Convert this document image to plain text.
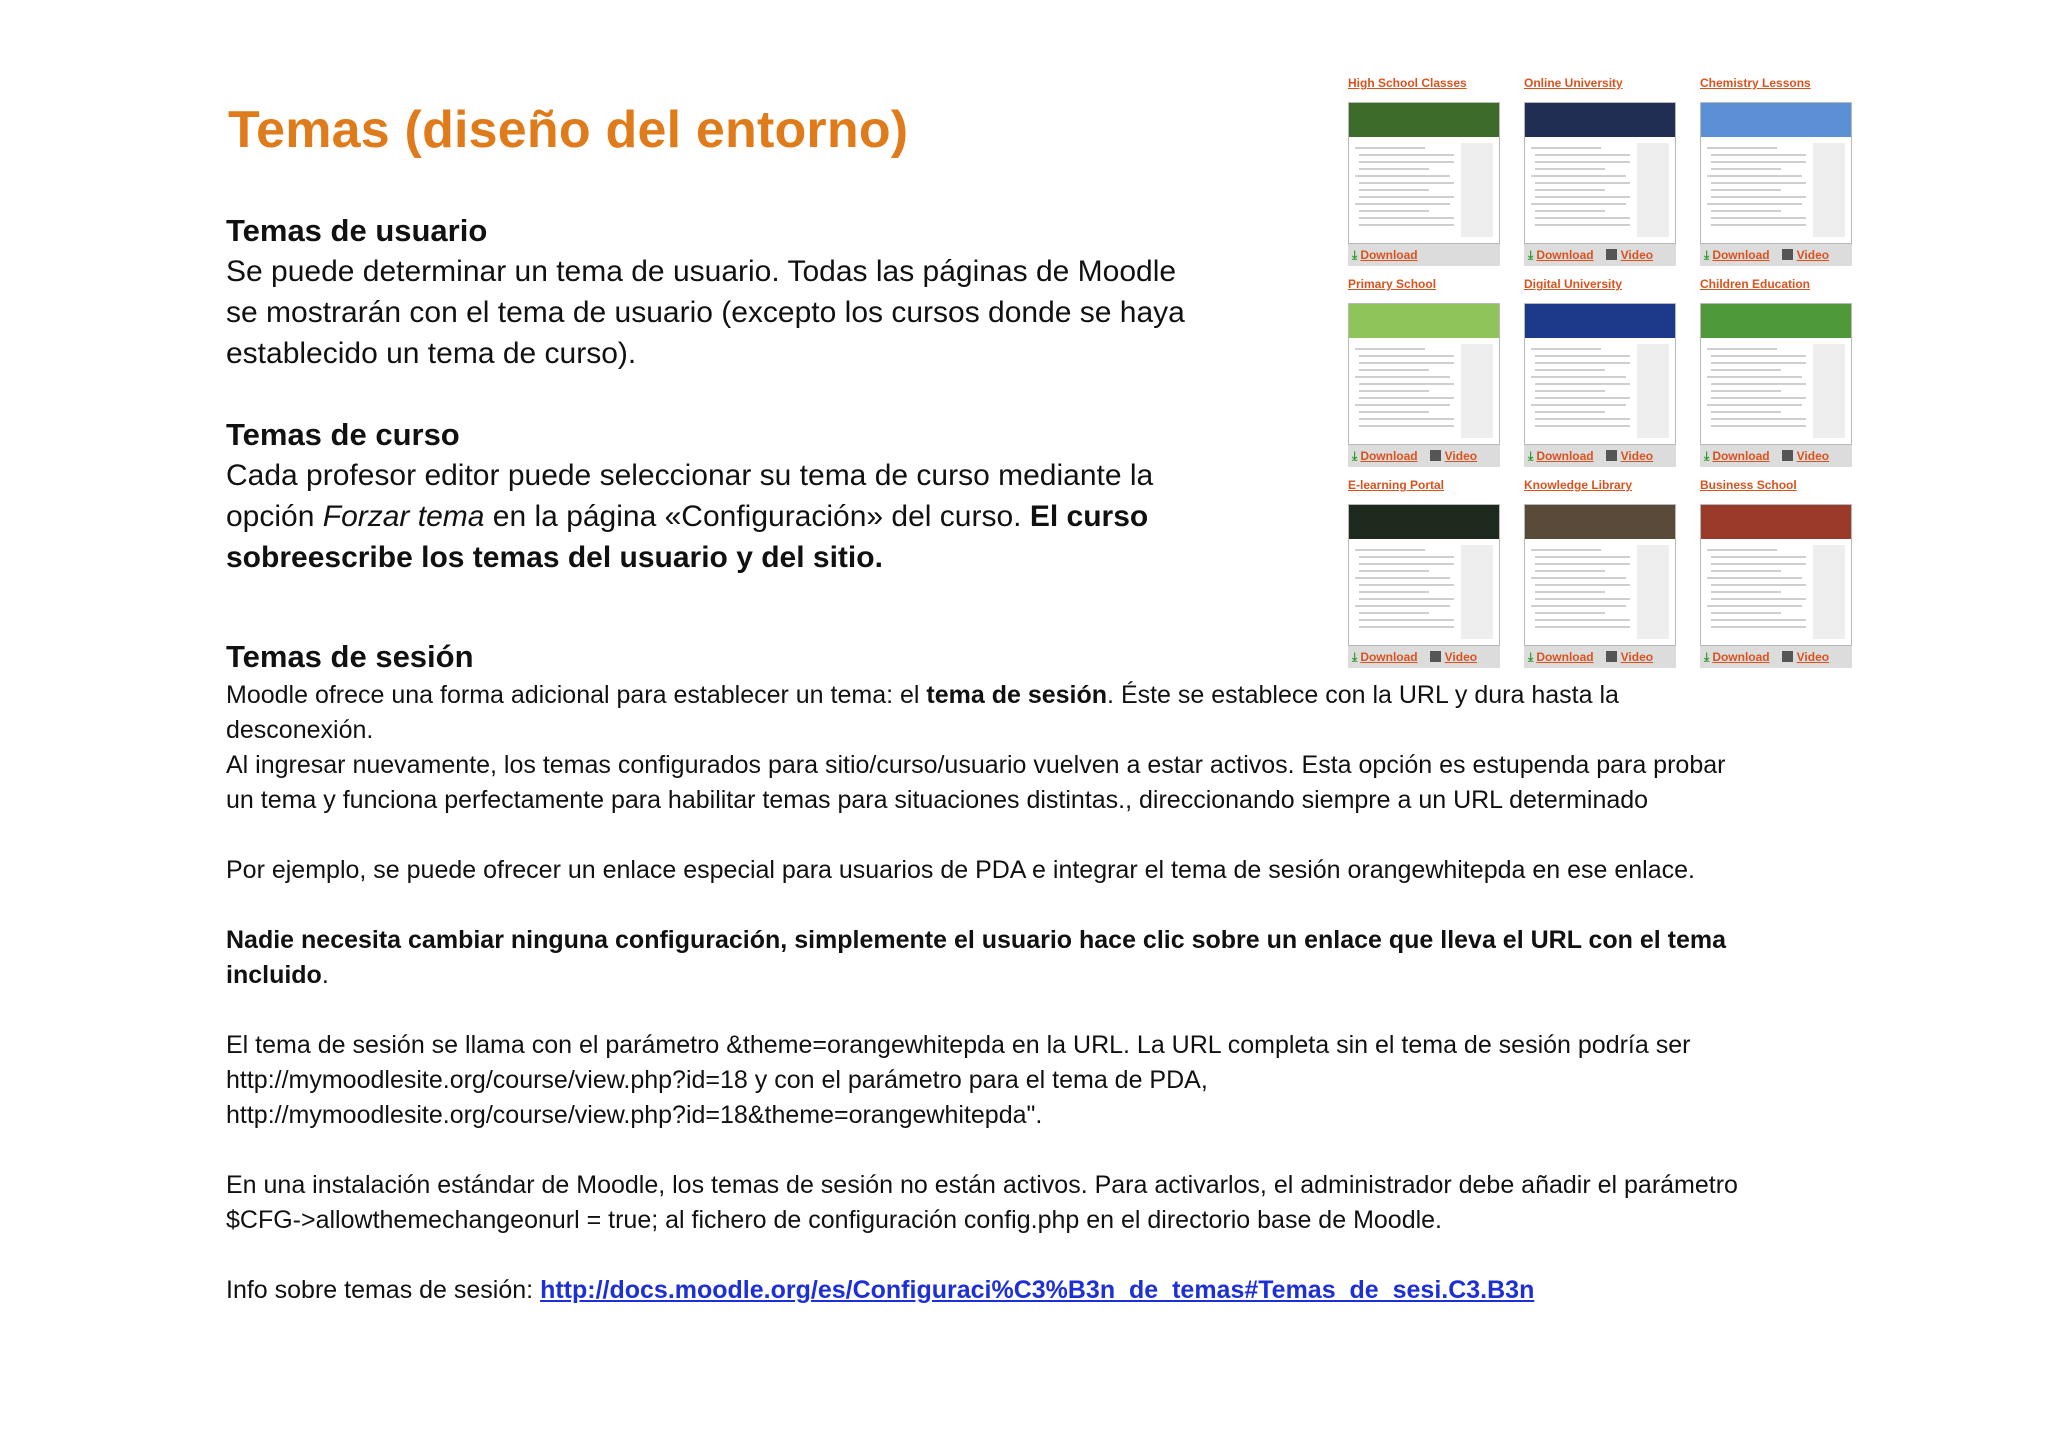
Temas (diseño del entorno)
Temas de usuario

Se puede determinar un tema de usuario. Todas las páginas de Moodle

se mostrarán con el tema de usuario (excepto los cursos donde se haya

establecido un tema de curso).

Temas de curso

Cada profesor editor puede seleccionar su tema de curso mediante la

opción Forzar tema en la página «Configuración» del curso. El curso

sobreescribe los temas del usuario y del sitio.

Temas de sesión

Moodle ofrece una forma adicional para establecer un tema: el tema de sesión. Éste se establece con la URL y dura hasta la
desconexión.
Al ingresar nuevamente, los temas configurados para sitio/curso/usuario vuelven a estar activos. Esta opción es estupenda para probar
un tema y funciona perfectamente para habilitar temas para situaciones distintas., direccionando siempre a un URL determinado

Por ejemplo, se puede ofrecer un enlace especial para usuarios de PDA e integrar el tema de sesión orangewhitepda en ese enlace.

Nadie necesita cambiar ninguna configuración, simplemente el usuario hace clic sobre un enlace que lleva el URL con el tema
incluido.

El tema de sesión se llama con el parámetro &theme=orangewhitepda en la URL. La URL completa sin el tema de sesión podría ser
http://mymoodlesite.org/course/view.php?id=18 y con el parámetro para el tema de PDA,
http://mymoodlesite.org/course/view.php?id=18&theme=orangewhitepda".

En una instalación estándar de Moodle, los temas de sesión no están activos. Para activarlos, el administrador debe añadir el parámetro
$CFG->allowthemechangeonurl = true; al fichero de configuración config.php en el directorio base de Moodle.

Info sobre temas de sesión: http://docs.moodle.org/es/Configuraci%C3%B3n_de_temas#Temas_de_sesi.C3.B3n

High School Classes
⤓ Download
Online University
⤓ Download Video
Chemistry Lessons
⤓ Download Video
Primary School
⤓ Download Video
Digital University
⤓ Download Video
Children Education
⤓ Download Video
E-learning Portal
⤓ Download Video
Knowledge Library
⤓ Download Video
Business School
⤓ Download Video
